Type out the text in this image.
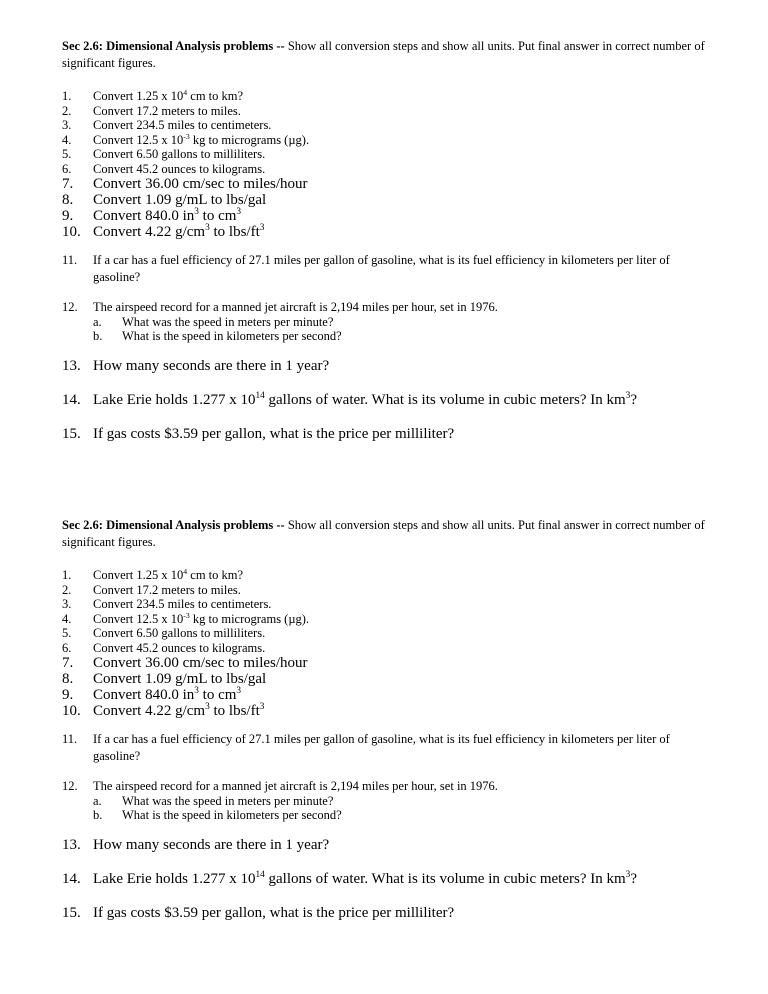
Sec 2.6: Dimensional Analysis problems -- Show all conversion steps and show all units. Put final answer in correct number of significant figures.

1.	Convert 1.25 x $10^4$ cm to km?
2.	Convert 17.2 meters to miles.
3.	Convert 234.5 miles to centimeters.
4.	Convert 12.5 x $10^{-3}$ kg to micrograms (µg).
5.	Convert 6.50 gallons to milliliters.
6.	Convert 45.2 ounces to kilograms.
7.	Convert 36.00 cm/sec to miles/hour
8.	Convert 1.09 g/mL to lbs/gal
9.	Convert 840.0 $in^3$ to $cm^3$
10. Convert 4.22 $g/cm^3$ to lbs/$ft^3$
11.	If a car has a fuel efficiency of 27.1 miles per gallon of gasoline, what is its fuel efficiency in kilometers per liter of gasoline?
12.	The airspeed record for a manned jet aircraft is 2,194 miles per hour, set in 1976.
a.	What was the speed in meters per minute?
b.	What is the speed in kilometers per second?
13. How many seconds are there in 1 year?
14. Lake Erie holds 1.277 x $10^{14}$ gallons of water. What is its volume in cubic meters? In $km^3$?
15. If gas costs $3.59 per gallon, what is the price per milliliter?

Sec 2.6: Dimensional Analysis problems -- Show all conversion steps and show all units. Put final answer in correct number of significant figures.

1.	Convert 1.25 x $10^4$ cm to km?
2.	Convert 17.2 meters to miles.
3.	Convert 234.5 miles to centimeters.
4.	Convert 12.5 x $10^{-3}$ kg to micrograms (µg).
5.	Convert 6.50 gallons to milliliters.
6.	Convert 45.2 ounces to kilograms.
7.	Convert 36.00 cm/sec to miles/hour
8.	Convert 1.09 g/mL to lbs/gal
9.	Convert 840.0 $in^3$ to $cm^3$
10. Convert 4.22 $g/cm^3$ to lbs/$ft^3$
11.	If a car has a fuel efficiency of 27.1 miles per gallon of gasoline, what is its fuel efficiency in kilometers per liter of gasoline?
12.	The airspeed record for a manned jet aircraft is 2,194 miles per hour, set in 1976.
a.	What was the speed in meters per minute?
b.	What is the speed in kilometers per second?
13. How many seconds are there in 1 year?
14. Lake Erie holds 1.277 x $10^{14}$ gallons of water. What is its volume in cubic meters? In $km^3$?
15. If gas costs $3.59 per gallon, what is the price per milliliter?
